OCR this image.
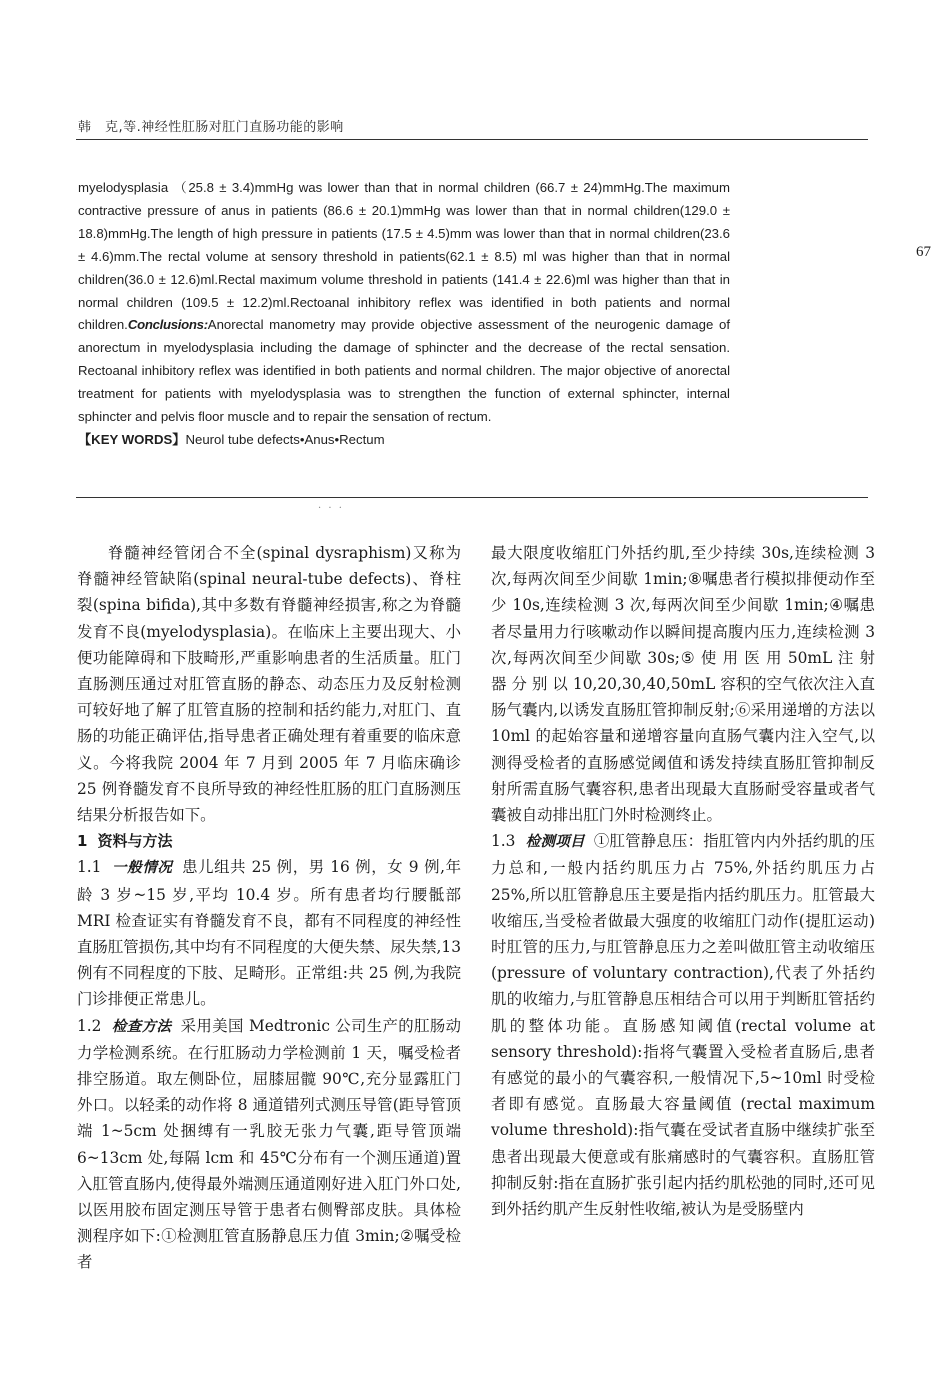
韩　克,等.神经性肛肠对肛门直肠功能的影响
67

myelodysplasia （25.8 ± 3.4)mmHg was lower than that in normal children (66.7 ± 24)mmHg.The maximum contractive pressure of anus in patients (86.6 ± 20.1)mmHg was lower than that in normal children(129.0 ± 18.8)mmHg.The length of high pressure in patients (17.5 ± 4.5)mm was lower than that in normal children(23.6 ± 4.6)mm.The rectal volume at sensory threshold in patients(62.1 ± 8.5) ml was higher than that in normal children(36.0 ± 12.6)ml.Rectal maximum volume threshold in patients (141.4 ± 22.6)ml was higher than that in normal children (109.5 ± 12.2)ml.Rectoanal inhibitory reflex was identified in both patients and normal children.Conclusions:Anorectal manometry may provide objective assessment of the neurogenic damage of anorectum in myelodysplasia including the damage of sphincter and the decrease of the rectal sensation. Rectoanal inhibitory reflex was identified in both patients and normal children. The major objective of anorectal treatment for patients with myelodysplasia was to strengthen the function of external sphincter, internal sphincter and pelvis floor muscle and to repair the sensation of rectum.

【KEY WORDS】Neurol tube defects•Anus•Rectum

· · ·

脊髓神经管闭合不全(spinal dysraphism)又称为脊髓神经管缺陷(spinal neural-tube defects)、脊柱裂(spina bifida),其中多数有脊髓神经损害,称之为脊髓发育不良(myelodysplasia)。在临床上主要出现大、小便功能障碍和下肢畸形,严重影响患者的生活质量。肛门直肠测压通过对肛管直肠的静态、动态压力及反射检测可较好地了解了肛管直肠的控制和括约能力,对肛门、直肠的功能正确评估,指导患者正确处理有着重要的临床意义。今将我院 2004 年 7 月到 2005 年 7 月临床确诊 25 例脊髓发育不良所导致的神经性肛肠的肛门直肠测压结果分析报告如下。

1 资料与方法

1.1 一般情况 患儿组共 25 例，男 16 例，女 9 例,年龄 3 岁~15 岁,平均 10.4 岁。所有患者均行腰骶部 MRI 检查证实有脊髓发育不良，都有不同程度的神经性直肠肛管损伤,其中均有不同程度的大便失禁、尿失禁,13 例有不同程度的下肢、足畸形。正常组:共 25 例,为我院门诊排便正常患儿。

1.2 检查方法 采用美国 Medtronic 公司生产的肛肠动力学检测系统。在行肛肠动力学检测前 1 天，嘱受检者排空肠道。取左侧卧位，屈膝屈髋 90℃,充分显露肛门外口。以轻柔的动作将 8 通道错列式测压导管(距导管顶端 1~5cm 处捆缚有一乳胶无张力气囊,距导管顶端 6~13cm 处,每隔 lcm 和 45℃分布有一个测压通道)置入肛管直肠内,使得最外端测压通道刚好进入肛门外口处,以医用胶布固定测压导管于患者右侧臀部皮肤。具体检测程序如下:①检测肛管直肠静息压力值 3min;②嘱受检者

最大限度收缩肛门外括约肌,至少持续 30s,连续检测 3 次,每两次间至少间歇 1min;⑧嘱患者行模拟排便动作至少 10s,连续检测 3 次,每两次间至少间歇 1min;④嘱患者尽量用力行咳嗽动作以瞬间提高腹内压力,连续检测 3 次,每两次间至少间歇 30s;⑤ 使 用 医 用 50mL 注 射 器 分 别 以 10,20,30,40,50mL 容积的空气依次注入直肠气囊内,以诱发直肠肛管抑制反射;⑥采用递增的方法以 10ml 的起始容量和递增容量向直肠气囊内注入空气,以测得受检者的直肠感觉阈值和诱发持续直肠肛管抑制反射所需直肠气囊容积,患者出现最大直肠耐受容量或者气囊被自动排出肛门外时检测终止。

1.3 检测项目 ①肛管静息压：指肛管内内外括约肌的压力总和,一般内括约肌压力占 75%,外括约肌压力占 25%,所以肛管静息压主要是指内括约肌压力。肛管最大收缩压,当受检者做最大强度的收缩肛门动作(提肛运动)时肛管的压力,与肛管静息压力之差叫做肛管主动收缩压(pressure of voluntary contraction),代表了外括约肌的收缩力,与肛管静息压相结合可以用于判断肛管括约肌的整体功能。直肠感知阈值(rectal volume at sensory threshold):指将气囊置入受检者直肠后,患者有感觉的最小的气囊容积,一般情况下,5~10ml 时受检者即有感觉。直肠最大容量阈值 (rectal maximum volume threshold):指气囊在受试者直肠中继续扩张至患者出现最大便意或有胀痛感时的气囊容积。直肠肛管抑制反射:指在直肠扩张引起内括约肌松弛的同时,还可见到外括约肌产生反射性收缩,被认为是受肠壁内
